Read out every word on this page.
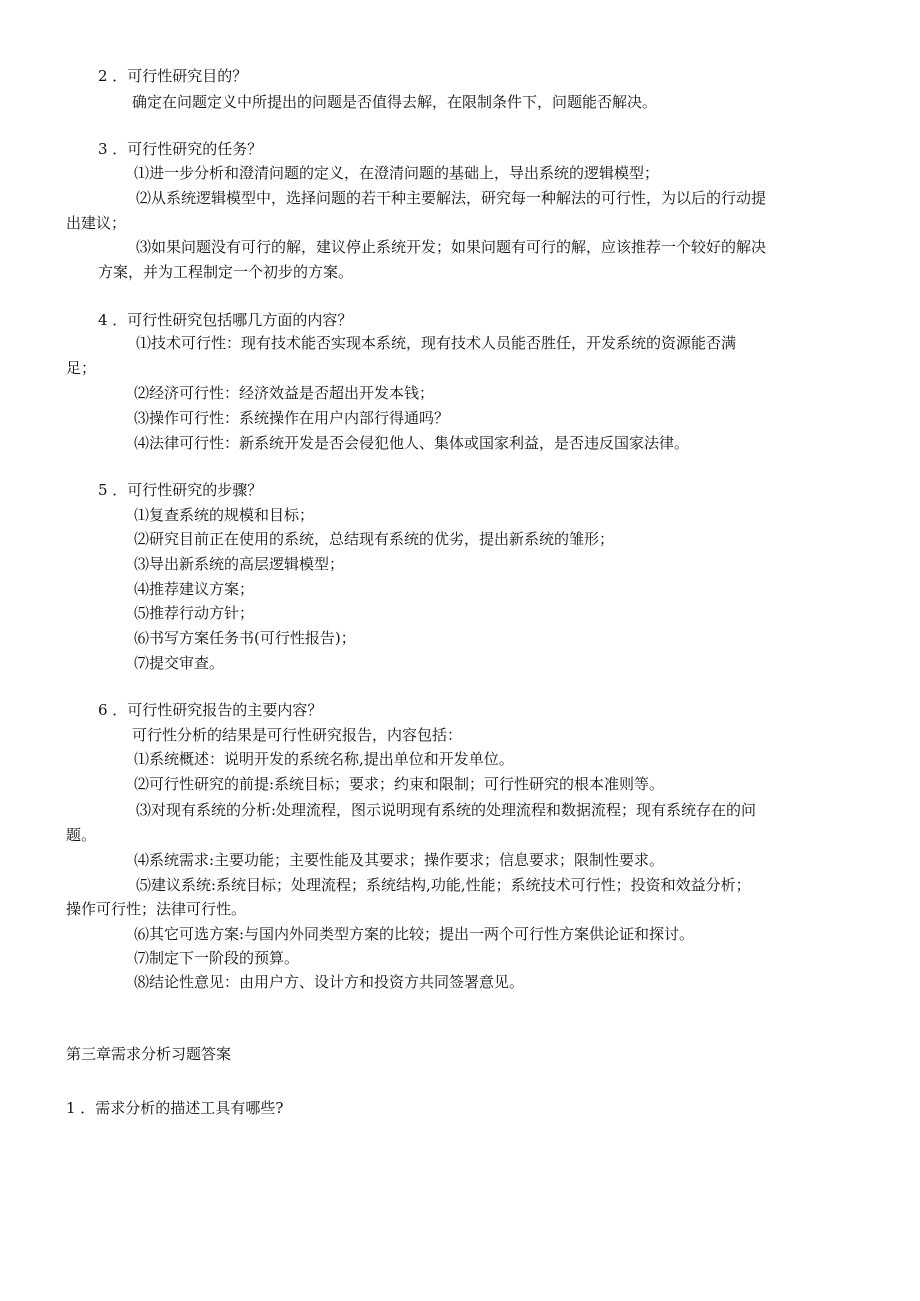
2 ．可行性研究目的？
确定在问题定义中所提出的问题是否值得去解，在限制条件下，问题能否解决。
3 ．可行性研究的任务？
⑴进一步分析和澄清问题的定义，在澄清问题的基础上，导出系统的逻辑模型；
⑵从系统逻辑模型中，选择问题的若干种主要解法，研究每一种解法的可行性，为以后的行动提
出建议；
⑶如果问题没有可行的解，建议停止系统开发；如果问题有可行的解，应该推荐一个较好的解决
方案，并为工程制定一个初步的方案。
4 ．可行性研究包括哪几方面的内容？
⑴技术可行性：现有技术能否实现本系统，现有技术人员能否胜任，开发系统的资源能否满
足；
⑵经济可行性：经济效益是否超出开发本钱；
⑶操作可行性：系统操作在用户内部行得通吗？
⑷法律可行性：新系统开发是否会侵犯他人、集体或国家利益，是否违反国家法律。
5 ．可行性研究的步骤？
⑴复查系统的规模和目标；
⑵研究目前正在使用的系统，总结现有系统的优劣，提出新系统的雏形；
⑶导出新系统的高层逻辑模型；
⑷推荐建议方案；
⑸推荐行动方针；
⑹书写方案任务书(可行性报告)；
⑺提交审查。
6 ．可行性研究报告的主要内容？
可行性分析的结果是可行性研究报告，内容包括：
⑴系统概述：说明开发的系统名称,提出单位和开发单位。
⑵可行性研究的前提:系统目标；要求；约束和限制；可行性研究的根本准则等。
⑶对现有系统的分析:处理流程，图示说明现有系统的处理流程和数据流程；现有系统存在的问
题。
⑷系统需求:主要功能；主要性能及其要求；操作要求；信息要求；限制性要求。
⑸建议系统:系统目标；处理流程；系统结构,功能,性能；系统技术可行性；投资和效益分析；
操作可行性；法律可行性。
⑹其它可选方案:与国内外同类型方案的比较；提出一两个可行性方案供论证和探讨。
⑺制定下一阶段的预算。
⑻结论性意见：由用户方、设计方和投资方共同签署意见。
第三章需求分析习题答案
1 ．需求分析的描述工具有哪些?
